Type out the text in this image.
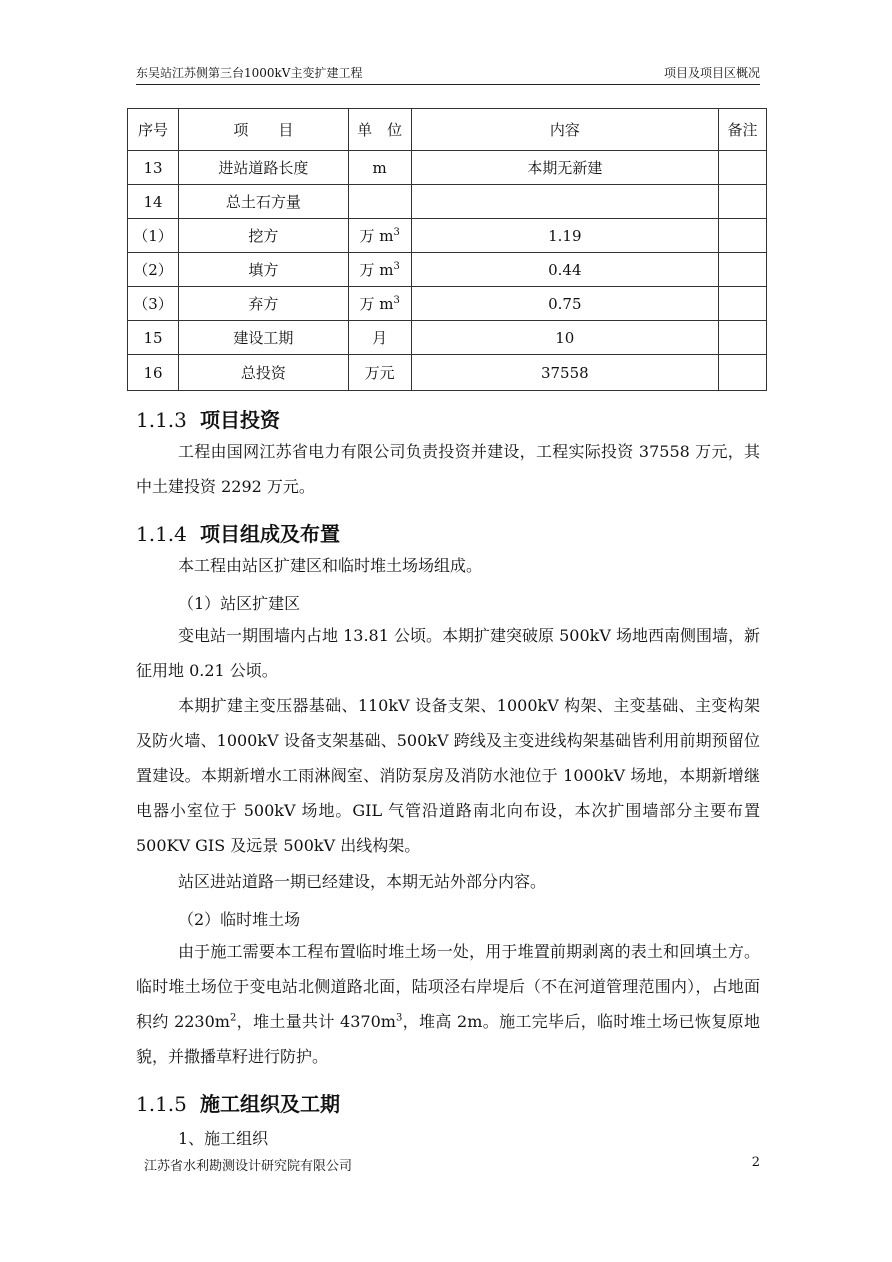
东吴站江苏侧第三台1000kV主变扩建工程	项目及项目区概况
序号	项　　目	单　位	内容	备注
13	进站道路长度	m	本期无新建	
14	总土石方量			
（1）	挖方	万 $m^3$	1.19	
（2）	填方	万 $m^3$	0.44	
（3）	弃方	万 $m^3$	0.75	
15	建设工期	月	10	
16	总投资	万元	37558	
1.1.3 项目投资

工程由国网江苏省电力有限公司负责投资并建设，工程实际投资 37558 万元，其中土建投资 2292 万元。

1.1.4 项目组成及布置

本工程由站区扩建区和临时堆土场场组成。

（1）站区扩建区

变电站一期围墙内占地 13.81 公顷。本期扩建突破原 500kV 场地西南侧围墙，新征用地 0.21 公顷。

本期扩建主变压器基础、110kV 设备支架、1000kV 构架、主变基础、主变构架及防火墙、1000kV 设备支架基础、500kV 跨线及主变进线构架基础皆利用前期预留位置建设。本期新增水工雨淋阀室、消防泵房及消防水池位于 1000kV 场地，本期新增继电器小室位于 500kV 场地。GIL 气管沿道路南北向布设，本次扩围墙部分主要布置 500KV GIS 及远景 500kV 出线构架。

站区进站道路一期已经建设，本期无站外部分内容。

（2）临时堆土场

由于施工需要本工程布置临时堆土场一处，用于堆置前期剥离的表土和回填土方。临时堆土场位于变电站北侧道路北面，陆项泾右岸堤后（不在河道管理范围内），占地面积约 $2230m^2$，堆土量共计 $4370m^3$，堆高 2m。施工完毕后，临时堆土场已恢复原地貌，并撒播草籽进行防护。

1.1.5 施工组织及工期
1、施工组织
江苏省水利勘测设计研究院有限公司	2
